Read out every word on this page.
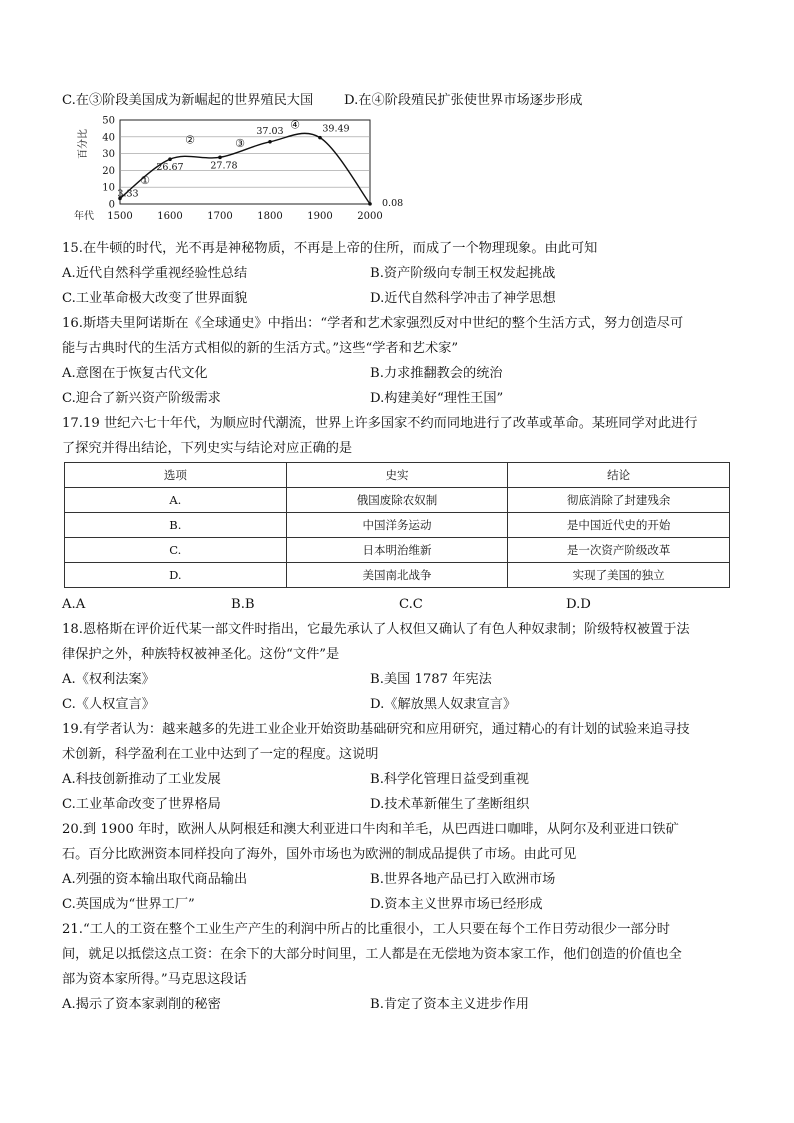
C.在③阶段美国成为新崛起的世界殖民大国 D.在④阶段殖民扩张使世界市场逐步形成
0
10
20
30
40
50
1500 1600 1700 1800 1900 2000
百分比
年代
3.33
26.67	27.78
37.03	39.49
0.08
①
②	③
④
15.在牛顿的时代，光不再是神秘物质，不再是上帝的住所，而成了一个物理现象。由此可知
A.近代自然科学重视经验性总结	B.资产阶级向专制王权发起挑战
C.工业革命极大改变了世界面貌	D.近代自然科学冲击了神学思想
16.斯塔夫里阿诺斯在《全球通史》中指出：“学者和艺术家强烈反对中世纪的整个生活方式，努力创造尽可
能与古典时代的生活方式相似的新的生活方式。”这些“学者和艺术家”
A.意图在于恢复古代文化	B.力求推翻教会的统治
C.迎合了新兴资产阶级需求	D.构建美好“理性王国”
17.19 世纪六七十年代，为顺应时代潮流，世界上许多国家不约而同地进行了改革或革命。某班同学对此进行
了探究并得出结论，下列史实与结论对应正确的是
选项	史实	结论
A.	俄国废除农奴制	彻底消除了封建残余
B.	中国洋务运动	是中国近代史的开始
C.	日本明治维新	是一次资产阶级改革
D.	美国南北战争	实现了美国的独立
A.A	B.B	C.C	D.D
18.恩格斯在评价近代某一部文件时指出，它最先承认了人权但又确认了有色人种奴隶制；阶级特权被置于法
律保护之外，种族特权被神圣化。这份“文件”是
A.《权利法案》	B.美国 1787 年宪法
C.《人权宣言》	D.《解放黑人奴隶宣言》
19.有学者认为：越来越多的先进工业企业开始资助基础研究和应用研究，通过精心的有计划的试验来追寻技
术创新，科学盈利在工业中达到了一定的程度。这说明
A.科技创新推动了工业发展	B.科学化管理日益受到重视
C.工业革命改变了世界格局	D.技术革新催生了垄断组织
20.到 1900 年时，欧洲人从阿根廷和澳大利亚进口牛肉和羊毛，从巴西进口咖啡，从阿尔及利亚进口铁矿
石。百分比欧洲资本同样投向了海外，国外市场也为欧洲的制成品提供了市场。由此可见
A.列强的资本输出取代商品输出	B.世界各地产品已打入欧洲市场
C.英国成为“世界工厂”	D.资本主义世界市场已经形成
21.“工人的工资在整个工业生产产生的利润中所占的比重很小，工人只要在每个工作日劳动很少一部分时
间，就足以抵偿这点工资：在余下的大部分时间里，工人都是在无偿地为资本家工作，他们创造的价值也全
部为资本家所得。”马克思这段话
A.揭示了资本家剥削的秘密	B.肯定了资本主义进步作用
